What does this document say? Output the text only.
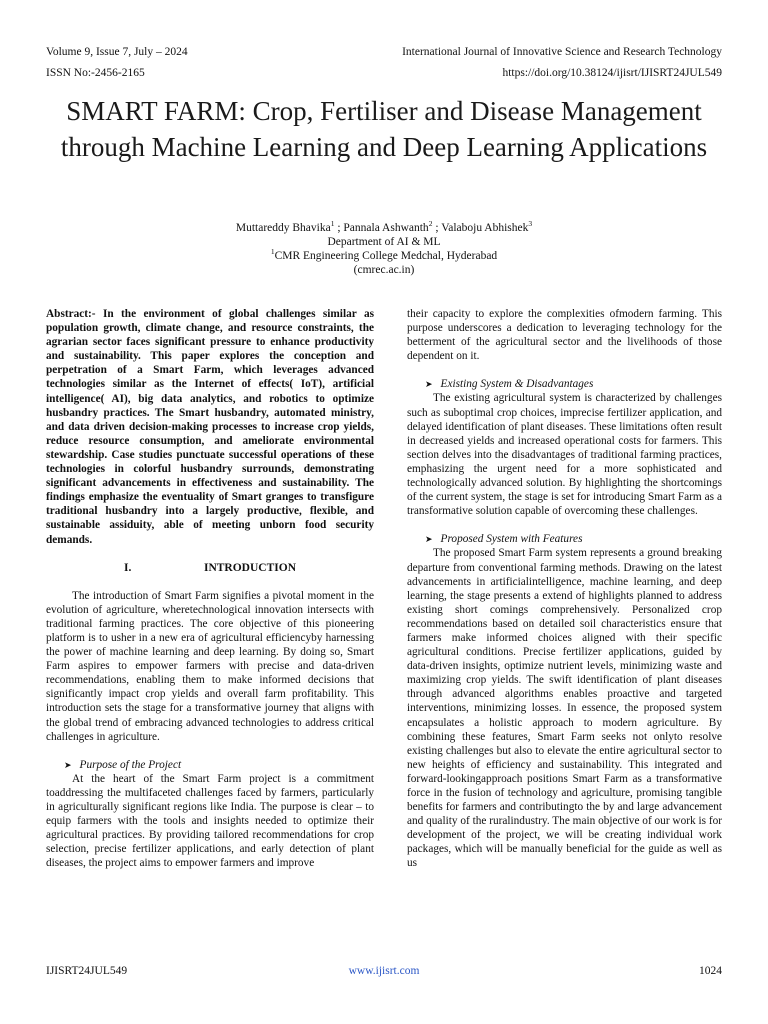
Volume 9, Issue 7, July – 2024	International Journal of Innovative Science and Research Technology
ISSN No:-2456-2165	https://doi.org/10.38124/ijisrt/IJISRT24JUL549
SMART FARM: Crop, Fertiliser and Disease Management through Machine Learning and Deep Learning Applications
Muttareddy Bhavika$^1$ ; Pannala Ashwanth$^2$ ; Valaboju Abhishek$^3$
Department of AI & ML
$^1$CMR Engineering College Medchal, Hyderabad
(cmrec.ac.in)

Abstract:- In the environment of global challenges similar as population growth, climate change, and resource constraints, the agrarian sector faces significant pressure to enhance productivity and sustainability. This paper explores the conception and perpetration of a Smart Farm, which leverages advanced technologies similar as the Internet of effects( IoT), artificial intelligence( AI), big data analytics, and robotics to optimize husbandry practices. The Smart husbandry, automated ministry, and data driven decision-making processes to increase crop yields, reduce resource consumption, and ameliorate environmental stewardship. Case studies punctuate successful operations of these technologies in colorful husbandry surrounds, demonstrating significant advancements in effectiveness and sustainability. The findings emphasize the eventuality of Smart granges to transfigure traditional husbandry into a largely productive, flexible, and sustainable assiduity, able of meeting unborn food security demands.

I.	INTRODUCTION

The introduction of Smart Farm signifies a pivotal moment in the evolution of agriculture, wheretechnological innovation intersects with traditional farming practices. The core objective of this pioneering platform is to usher in a new era of agricultural efficiencyby harnessing the power of machine learning and deep learning. By doing so, Smart Farm aspires to empower farmers with precise and data-driven recommendations, enabling them to make informed decisions that significantly impact crop yields and overall farm profitability. This introduction sets the stage for a transformative journey that aligns with the global trend of embracing advanced technologies to address critical challenges in agriculture.

➤ Purpose of the Project

At the heart of the Smart Farm project is a commitment toaddressing the multifaceted challenges faced by farmers, particularly in agriculturally significant regions like India. The purpose is clear – to equip farmers with the tools and insights needed to optimize their agricultural practices. By providing tailored recommendations for crop selection, precise fertilizer applications, and early detection of plant diseases, the project aims to empower farmers and improve

their capacity to explore the complexities ofmodern farming. This purpose underscores a dedication to leveraging technology for the betterment of the agricultural sector and the livelihoods of those dependent on it.

➤ Existing System & Disadvantages

The existing agricultural system is characterized by challenges such as suboptimal crop choices, imprecise fertilizer application, and delayed identification of plant diseases. These limitations often result in decreased yields and increased operational costs for farmers. This section delves into the disadvantages of traditional farming practices, emphasizing the urgent need for a more sophisticated and technologically advanced solution. By highlighting the shortcomings of the current system, the stage is set for introducing Smart Farm as a transformative solution capable of overcoming these challenges.

➤ Proposed System with Features

The proposed Smart Farm system represents a ground breaking departure from conventional farming methods. Drawing on the latest advancements in artificialintelligence, machine learning, and deep learning, the stage presents a extend of highlights planned to address existing short comings comprehensively. Personalized crop recommendations based on detailed soil characteristics ensure that farmers make informed choices aligned with their specific agricultural conditions. Precise fertilizer applications, guided by data-driven insights, optimize nutrient levels, minimizing waste and maximizing crop yields. The swift identification of plant diseases through advanced algorithms enables proactive and targeted interventions, minimizing losses. In essence, the proposed system encapsulates a holistic approach to modern agriculture. By combining these features, Smart Farm seeks not onlyto resolve existing challenges but also to elevate the entire agricultural sector to new heights of efficiency and sustainability. This integrated and forward-lookingapproach positions Smart Farm as a transformative force in the fusion of technology and agriculture, promising tangible benefits for farmers and contributingto the by and large advancement and quality of the ruralindustry. The main objective of our work is for development of the project, we will be creating individual work packages, which will be manually beneficial for the guide as well as us

IJISRT24JUL549	www.ijisrt.com	1024
